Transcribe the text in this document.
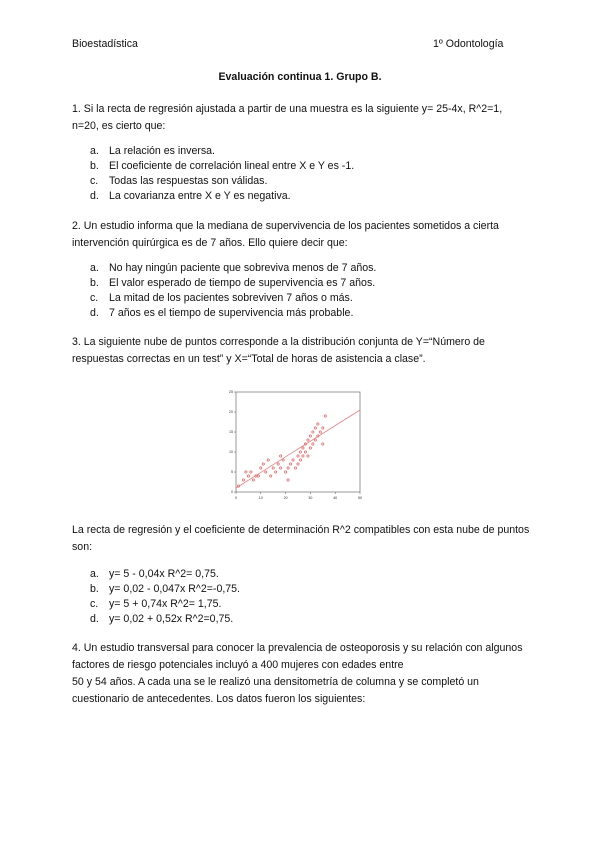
Bioestadística	1º Odontología
Evaluación continua 1. Grupo B.
1. Si la recta de regresión ajustada a partir de una muestra es la siguiente y= 25-4x, R^2=1, n=20, es cierto que:
a. La relación es inversa.
b. El coeficiente de correlación lineal entre X e Y es -1.
c. Todas las respuestas son válidas.
d. La covarianza entre X e Y es negativa.
2. Un estudio informa que la mediana de supervivencia de los pacientes sometidos a cierta intervención quirúrgica es de 7 años. Ello quiere decir que:
a. No hay ningún paciente que sobreviva menos de 7 años.
b. El valor esperado de tiempo de supervivencia es 7 años.
c. La mitad de los pacientes sobreviven 7 años o más.
d. 7 años es el tiempo de supervivencia más probable.
3. La siguiente nube de puntos corresponde a la distribución conjunta de Y=“Número de respuestas correctas en un test” y X=“Total de horas de asistencia a clase”.
0	10	20	30	40	50
0
5
10
15
20
25
La recta de regresión y el coeficiente de determinación R^2 compatibles con esta nube de puntos son:
a. y= 5 - 0,04x R^2= 0,75.
b. y= 0,02 - 0,047x R^2=-0,75.
c. y= 5 + 0,74x R^2= 1,75.
d. y= 0,02 + 0,52x R^2=0,75.
4. Un estudio transversal para conocer la prevalencia de osteoporosis y su relación con algunos factores de riesgo potenciales incluyó a 400 mujeres con edades entre
50 y 54 años. A cada una se le realizó una densitometría de columna y se completó un cuestionario de antecedentes. Los datos fueron los siguientes:
